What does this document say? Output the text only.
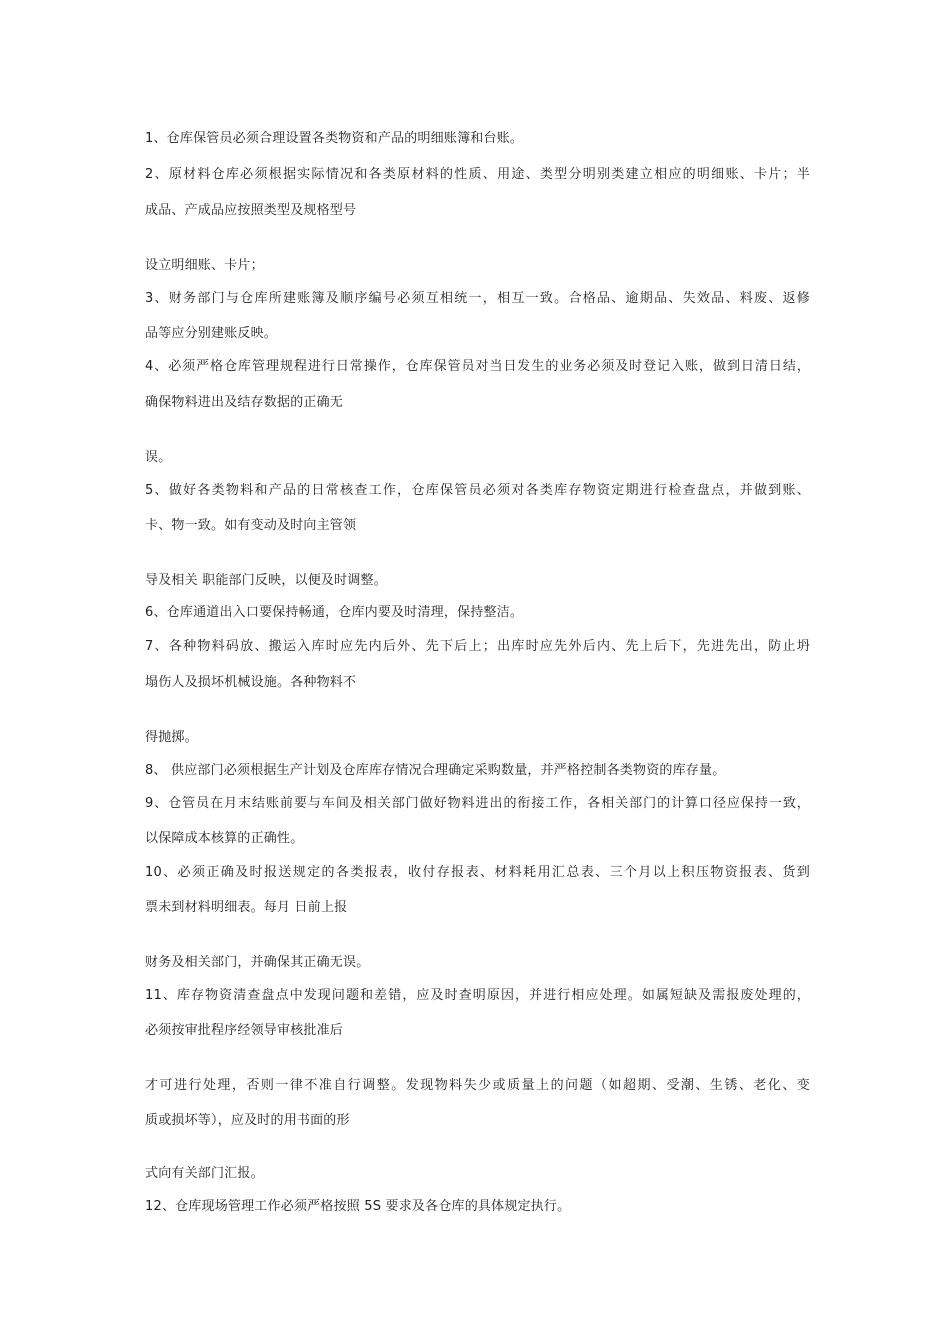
1、仓库保管员必须合理设置各类物资和产品的明细账簿和台账。
2、原材料仓库必须根据实际情况和各类原材料的性质、用途、类型分明别类建立相应的明细账、卡片；半
成品、产成品应按照类型及规格型号
设立明细账、卡片；
3、财务部门与仓库所建账簿及顺序编号必须互相统一，相互一致。合格品、逾期品、失效品、料废、返修
品等应分别建账反映。
4、必须严格仓库管理规程进行日常操作，仓库保管员对当日发生的业务必须及时登记入账，做到日清日结，
确保物料进出及结存数据的正确无
误。
5、做好各类物料和产品的日常核查工作，仓库保管员必须对各类库存物资定期进行检查盘点，并做到账、
卡、物一致。如有变动及时向主管领
导及相关 职能部门反映，以便及时调整。
6、仓库通道出入口要保持畅通，仓库内要及时清理，保持整洁。
7、各种物料码放、搬运入库时应先内后外、先下后上；出库时应先外后内、先上后下，先进先出，防止坍
塌伤人及损坏机械设施。各种物料不
得抛掷。
8、 供应部门必须根据生产计划及仓库库存情况合理确定采购数量，并严格控制各类物资的库存量。
9、仓管员在月末结账前要与车间及相关部门做好物料进出的衔接工作，各相关部门的计算口径应保持一致，
以保障成本核算的正确性。
10、必须正确及时报送规定的各类报表，收付存报表、材料耗用汇总表、三个月以上积压物资报表、货到
票未到材料明细表。每月 日前上报
财务及相关部门，并确保其正确无误。
11、库存物资清查盘点中发现问题和差错，应及时查明原因，并进行相应处理。如属短缺及需报废处理的，
必须按审批程序经领导审核批准后
才可进行处理，否则一律不准自行调整。发现物料失少或质量上的问题（如超期、受潮、生锈、老化、变
质或损坏等），应及时的用书面的形
式向有关部门汇报。
12、仓库现场管理工作必须严格按照 5S 要求及各仓库的具体规定执行。
